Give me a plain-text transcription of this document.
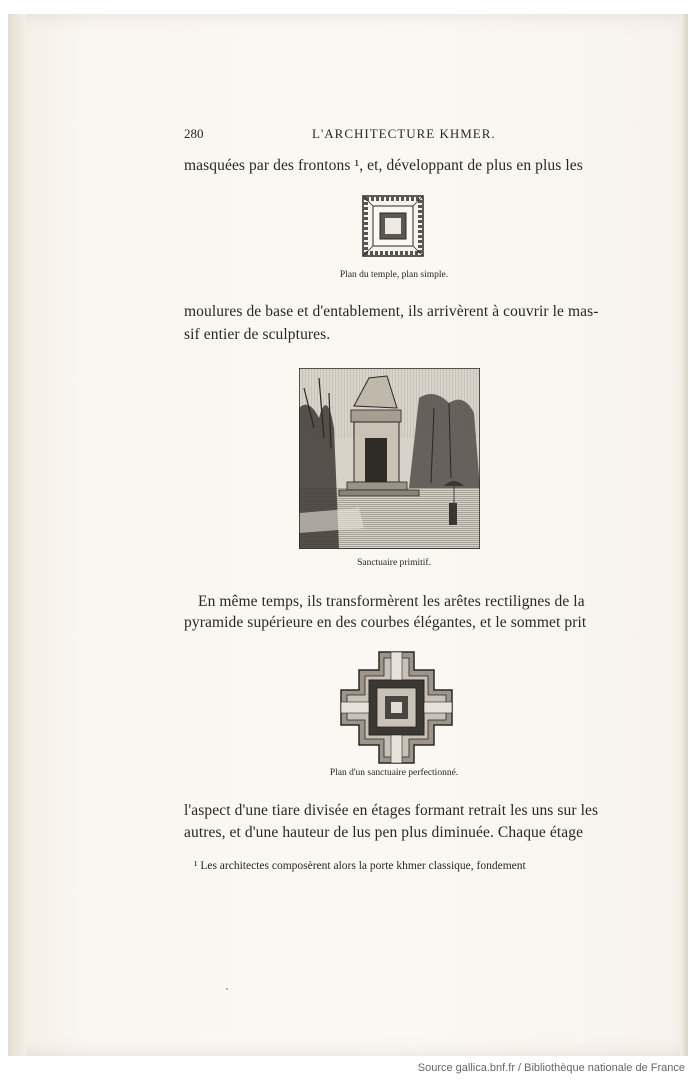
280	L'ARCHITECTURE KHMER.
masquées par des frontons ¹, et, développant de plus en plus les
Plan du temple, plan simple.
moulures de base et d'entablement, ils arrivèrent à couvrir le mas-
sif entier de sculptures.
Sanctuaire primitif.
En même temps, ils transformèrent les arêtes rectilignes de la
pyramide supérieure en des courbes élégantes, et le sommet prit
Plan d'un sanctuaire perfectionné.
l'aspect d'une tiare divisée en étages formant retrait les uns sur les
autres, et d'une hauteur de lus pen plus diminuée. Chaque étage
¹ Les architectes composèrent alors la porte khmer classique, fondement
Source gallica.bnf.fr / Bibliothèque nationale de France
